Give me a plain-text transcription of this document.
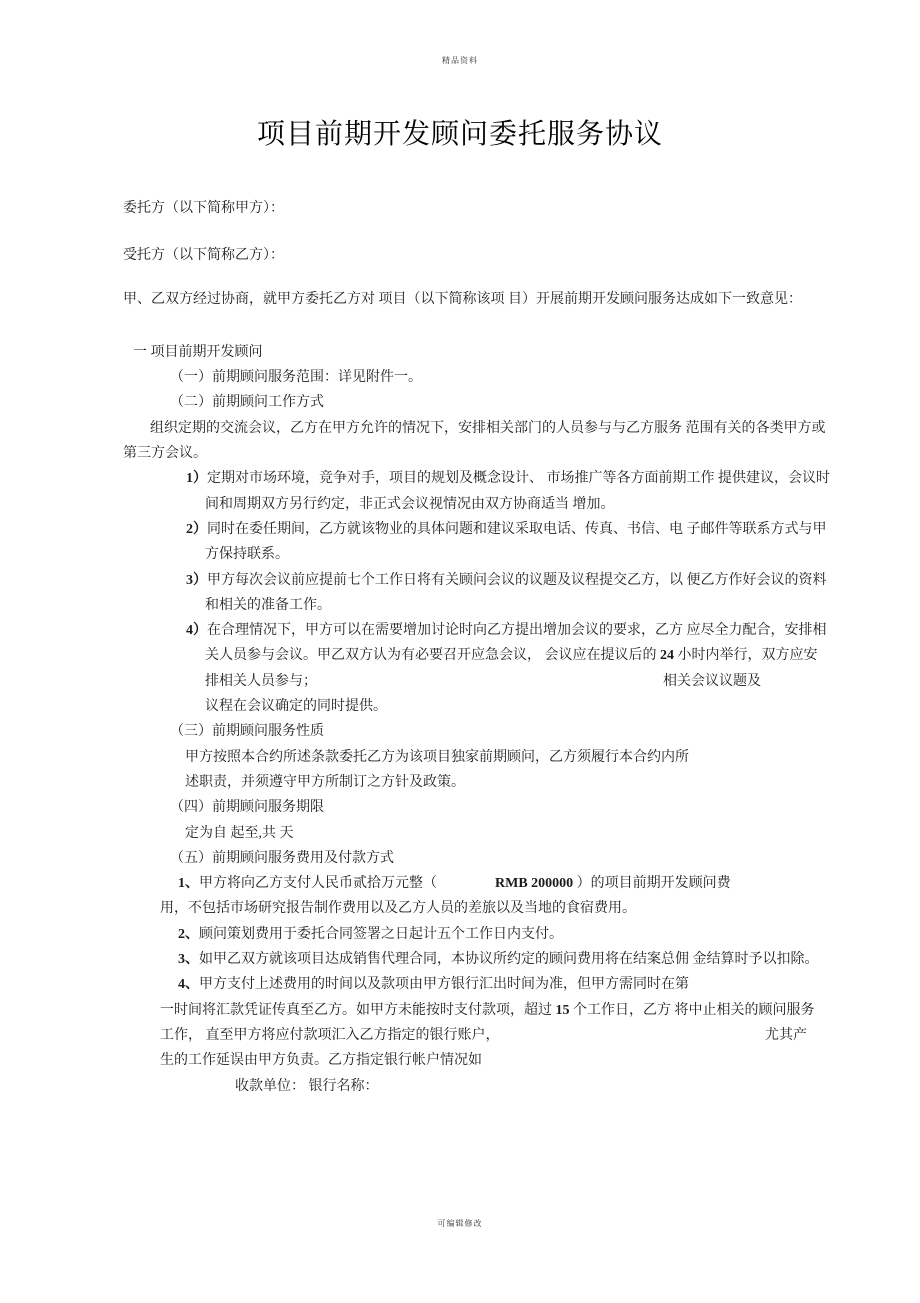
精品资料
项目前期开发顾问委托服务协议
委托方（以下简称甲方）：
受托方（以下简称乙方）：
甲、乙双方经过协商，就甲方委托乙方对 项目（以下简称该项 目）开展前期开发顾问服务达成如下一致意见：
一 项目前期开发顾问
（一）前期顾问服务范围：详见附件一。
（二）前期顾问工作方式
组织定期的交流会议，乙方在甲方允许的情况下，安排相关部门的人员参与与乙方服务 范围有关的各类甲方或
第三方会议。
1）定期对市场环境，竞争对手，项目的规划及概念设计、 市场推广等各方面前期工作 提供建议，会议时
间和周期双方另行约定，非正式会议视情况由双方协商适当 增加。
2）同时在委任期间，乙方就该物业的具体问题和建议采取电话、传真、书信、电 子邮件等联系方式与甲
方保持联系。
3）甲方每次会议前应提前七个工作日将有关顾问会议的议题及议程提交乙方，以 便乙方作好会议的资料
和相关的准备工作。
4）在合理情况下，甲方可以在需要增加讨论时向乙方提出增加会议的要求，乙方 应尽全力配合，安排相
关人员参与会议。甲乙双方认为有必要召开应急会议， 会议应在提议后的 24 小时内举行，双方应安
排相关人员参与；	相关会议议题及
议程在会议确定的同时提供。
（三）前期顾问服务性质
甲方按照本合约所述条款委托乙方为该项目独家前期顾问，乙方须履行本合约内所
述职责，并须遵守甲方所制订之方针及政策。
（四）前期顾问服务期限
定为自 起至,共 天
（五）前期顾问服务费用及付款方式
1、甲方将向乙方支付人民币贰拾万元整（	RMB 200000 ）的项目前期开发顾问费
用，不包括市场研究报告制作费用以及乙方人员的差旅以及当地的食宿费用。
2、顾问策划费用于委托合同签署之日起计五个工作日内支付。
3、如甲乙双方就该项目达成销售代理合同，本协议所约定的顾问费用将在结案总佣 金结算时予以扣除。
4、甲方支付上述费用的时间以及款项由甲方银行汇出时间为准，但甲方需同时在第
一时间将汇款凭证传真至乙方。如甲方未能按时支付款项，超过 15 个工作日，乙方 将中止相关的顾问服务
工作， 直至甲方将应付款项汇入乙方指定的银行账户，	尤其产
生的工作延误由甲方负责。乙方指定银行帐户情况如
收款单位： 银行名称：
可编辑修改
